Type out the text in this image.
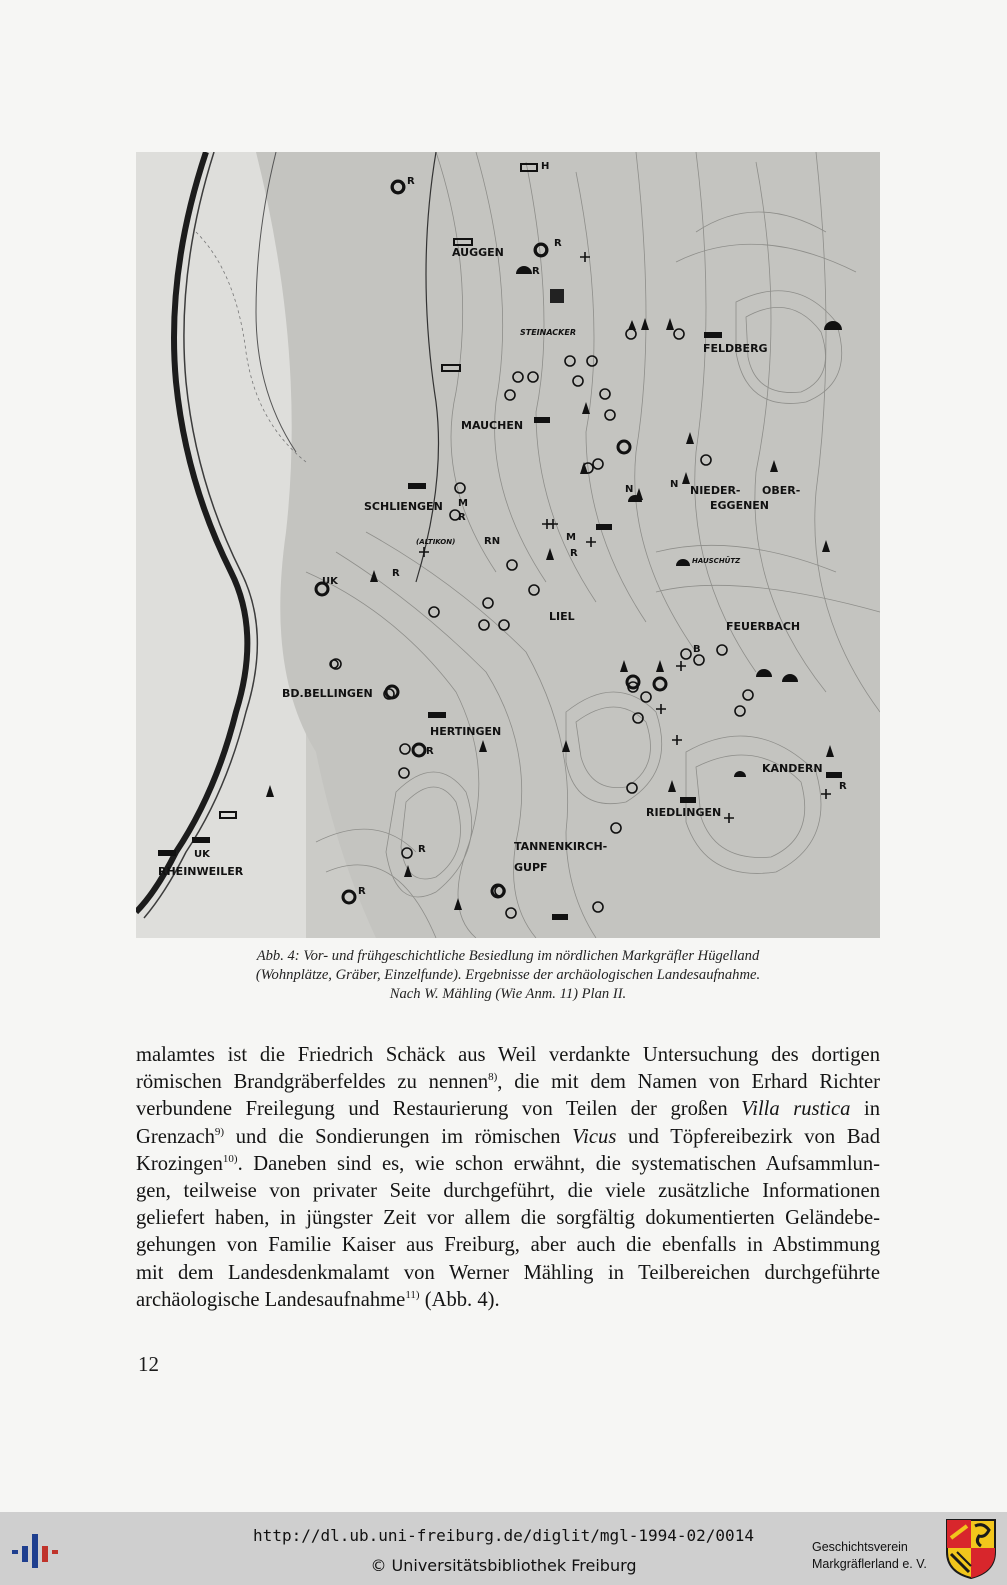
AUGGEN
STEINACKER
FELDBERG
MAUCHEN
SCHLIENGEN
(ALTIKON)
NIEDER- OBER-
EGGENEN
HAUSCHÜTZ
LIEL
FEUERBACH
BD.BELLINGEN
HERTINGEN
KANDERN
RIEDLINGEN
TANNENKIRCH-
GUPF
RHEINWEILER
R
H
R
R
M
R
N	N
RN	M
R
UK
R
B
R
R
UK	R
R
Abb. 4: Vor- und frühgeschichtliche Besiedlung im nördlichen Markgräfler Hügelland
(Wohnplätze, Gräber, Einzelfunde). Ergebnisse der archäologischen Landesaufnahme.
Nach W. Mähling (Wie Anm. 11) Plan II.
malamtes ist die Friedrich Schäck aus Weil verdankte Untersuchung des dortigen
römischen Brandgräberfeldes zu nennen$^{8)}$, die mit dem Namen von Erhard Richter
verbundene Freilegung und Restaurierung von Teilen der großen Villa rustica in
Grenzach$^{9)}$ und die Sondierungen im römischen Vicus und Töpfereibezirk von Bad
Krozingen$^{10)}$. Daneben sind es, wie schon erwähnt, die systematischen Aufsammlun-
gen, teilweise von privater Seite durchgeführt, die viele zusätzliche Informationen
geliefert haben, in jüngster Zeit vor allem die sorgfältig dokumentierten Geländebe-
gehungen von Familie Kaiser aus Freiburg, aber auch die ebenfalls in Abstimmung
mit dem Landesdenkmalamt von Werner Mähling in Teilbereichen durchgeführte
archäologische Landesaufnahme$^{11)}$ (Abb. 4).
12
http://dl.ub.uni-freiburg.de/diglit/mgl-1994-02/0014
© Universitätsbibliothek Freiburg
Geschichtsverein
Markgräflerland e. V.
